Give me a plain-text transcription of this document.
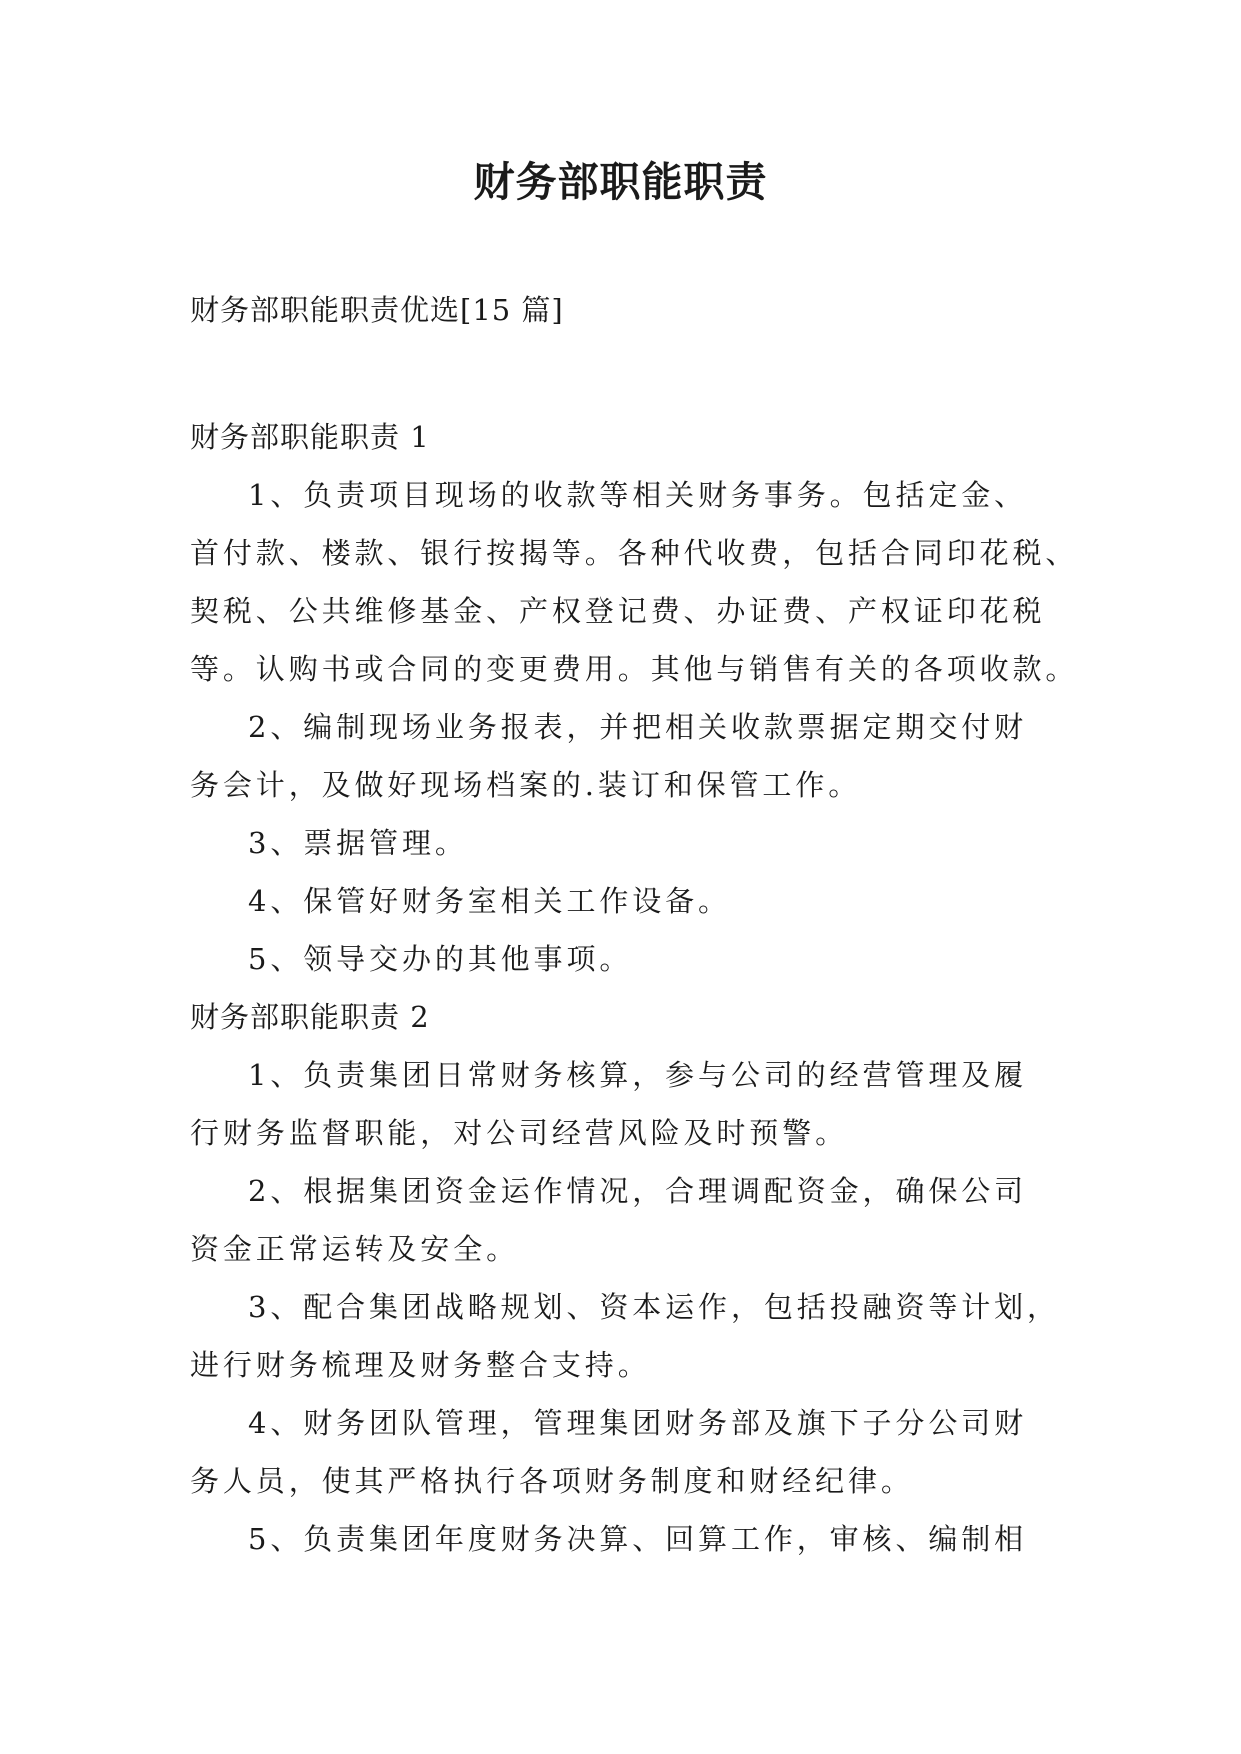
财务部职能职责
财务部职能职责优选[15 篇]
财务部职能职责 1
1、负责项目现场的收款等相关财务事务。包括定金、
首付款、楼款、银行按揭等。各种代收费，包括合同印花税、
契税、公共维修基金、产权登记费、办证费、产权证印花税
等。认购书或合同的变更费用。其他与销售有关的各项收款。
2、编制现场业务报表，并把相关收款票据定期交付财
务会计，及做好现场档案的.装订和保管工作。
3、票据管理。
4、保管好财务室相关工作设备。
5、领导交办的其他事项。
财务部职能职责 2
1、负责集团日常财务核算，参与公司的经营管理及履
行财务监督职能，对公司经营风险及时预警。
2、根据集团资金运作情况，合理调配资金，确保公司
资金正常运转及安全。
3、配合集团战略规划、资本运作，包括投融资等计划，
进行财务梳理及财务整合支持。
4、财务团队管理，管理集团财务部及旗下子分公司财
务人员，使其严格执行各项财务制度和财经纪律。
5、负责集团年度财务决算、回算工作，审核、编制相
